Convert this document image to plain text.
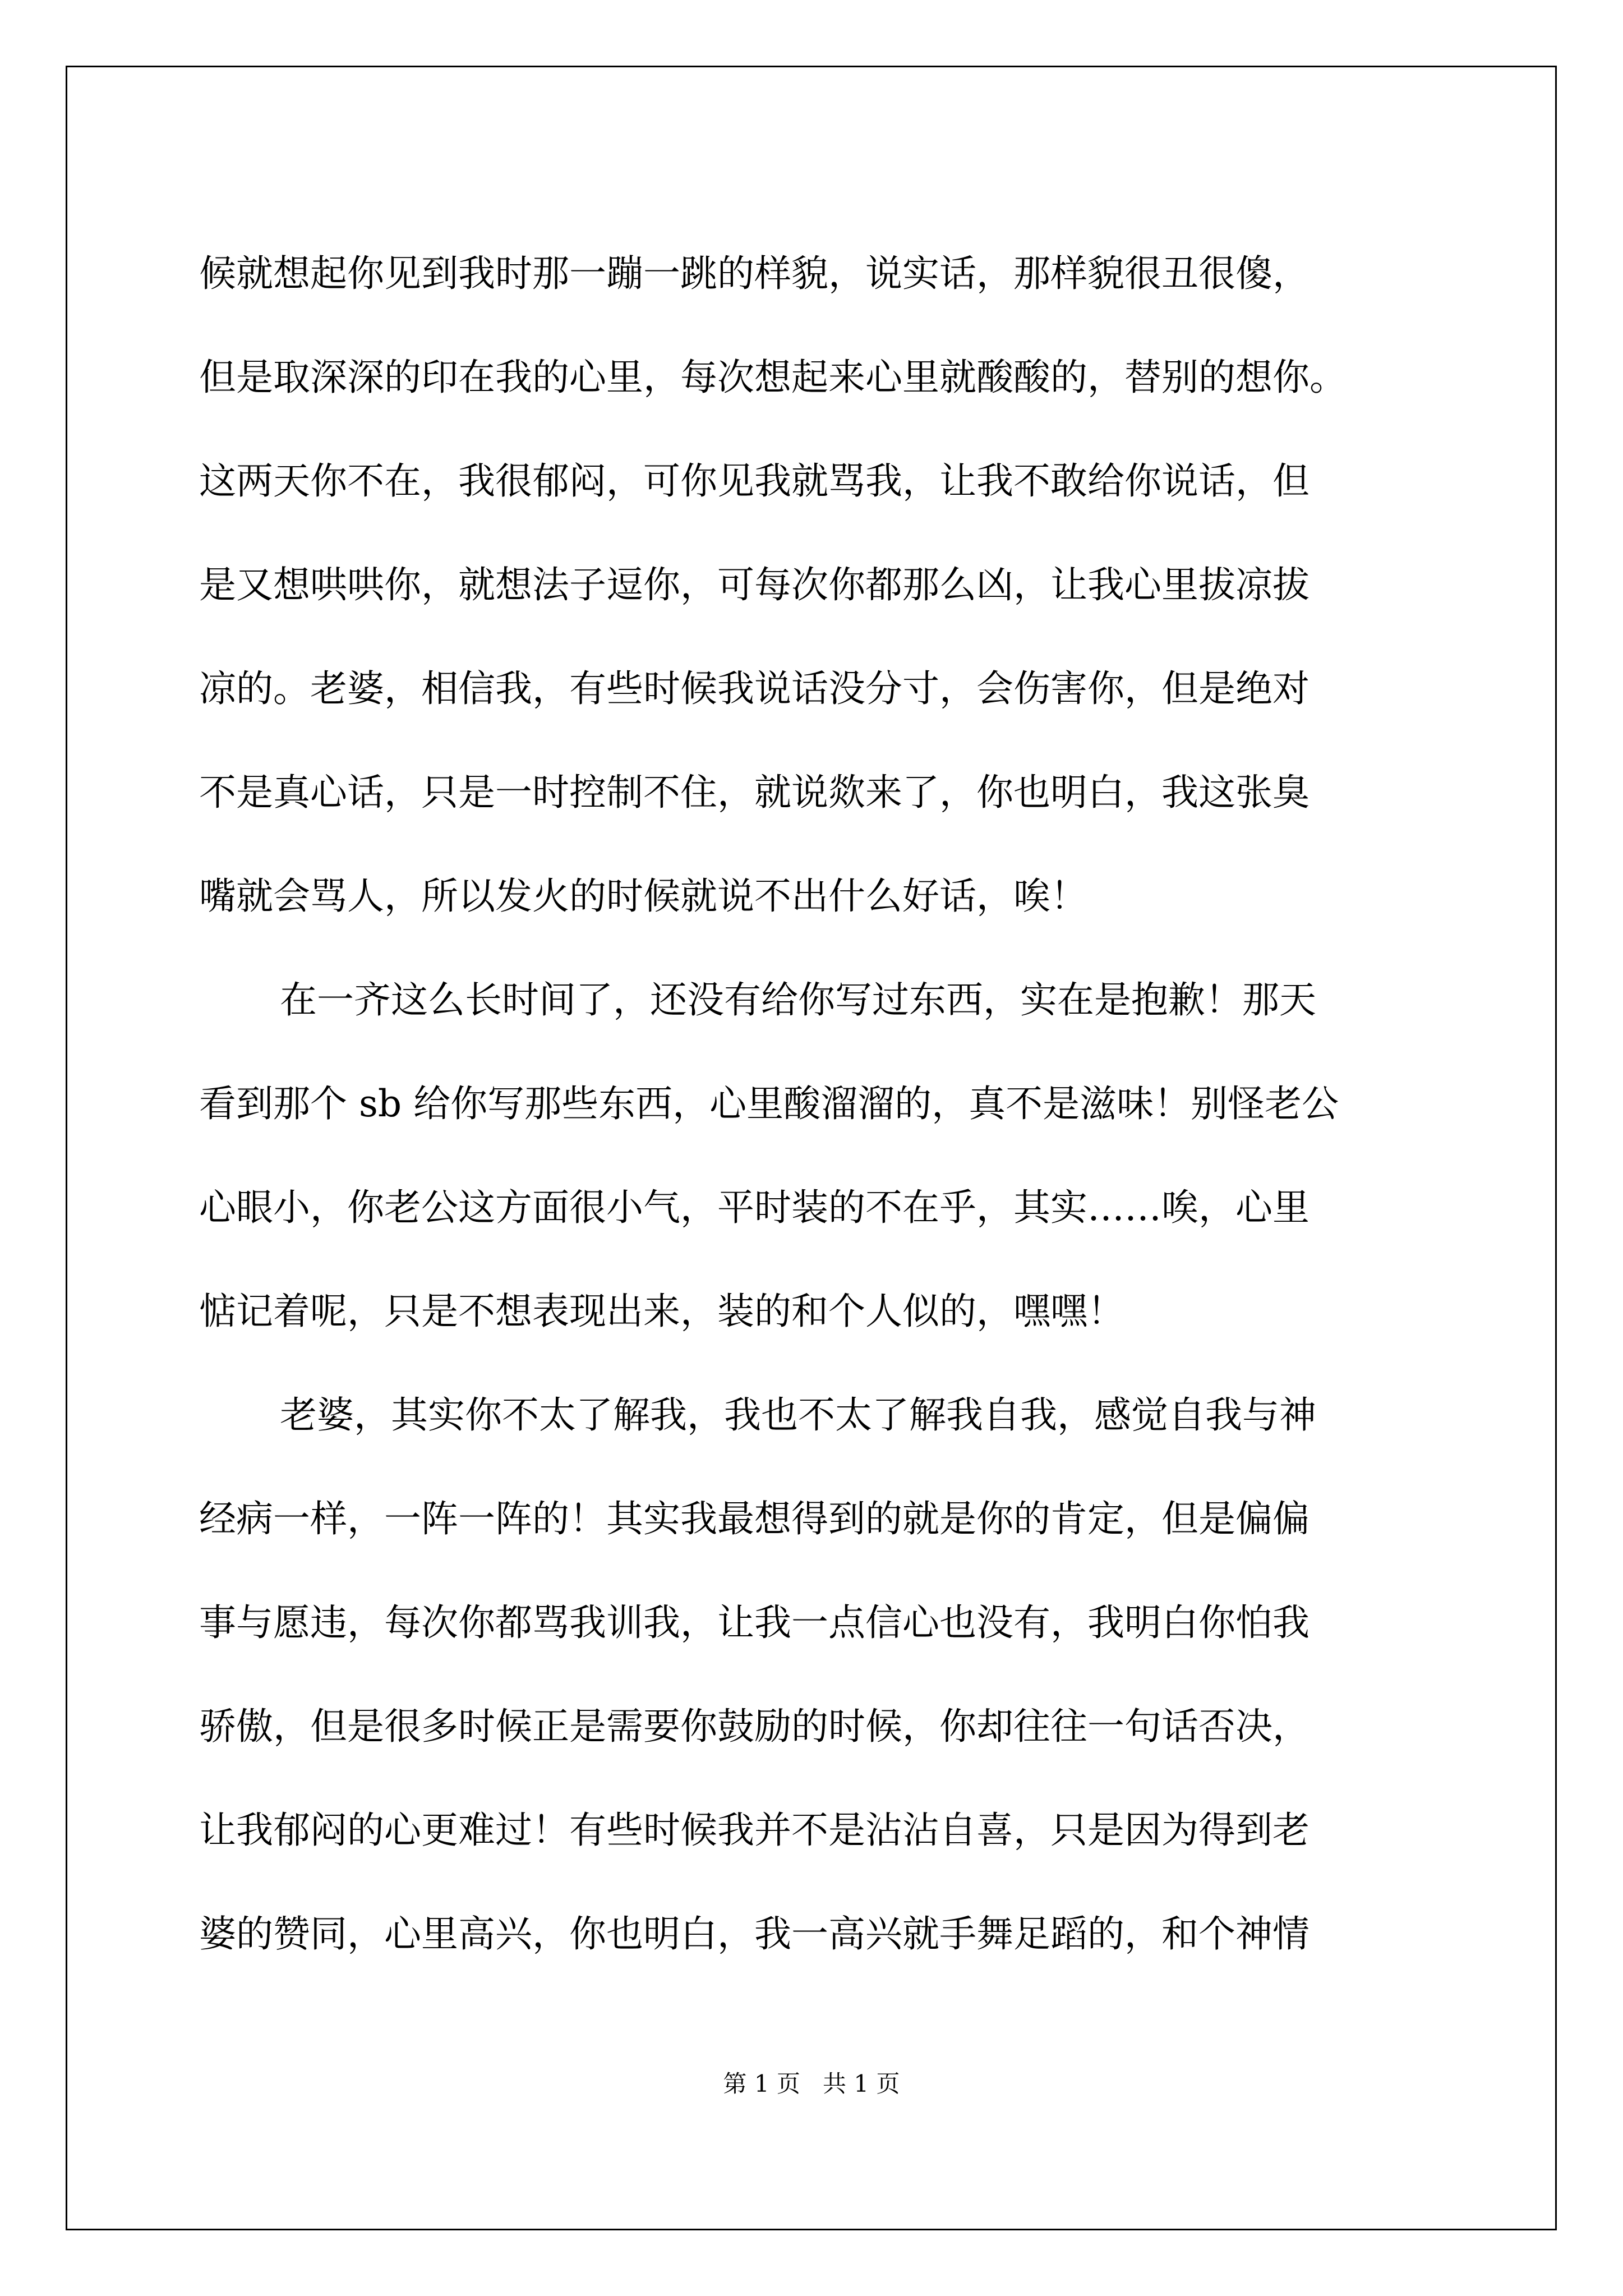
候就想起你见到我时那一蹦一跳的样貌，说实话，那样貌很丑很傻，
但是取深深的印在我的心里，每次想起来心里就酸酸的，替别的想你。
这两天你不在，我很郁闷，可你见我就骂我，让我不敢给你说话，但
是又想哄哄你，就想法子逗你，可每次你都那么凶，让我心里拔凉拔
凉的。老婆，相信我，有些时候我说话没分寸，会伤害你，但是绝对
不是真心话，只是一时控制不住，就说欻来了，你也明白，我这张臭
嘴就会骂人，所以发火的时候就说不出什么好话，唉！
在一齐这么长时间了，还没有给你写过东西，实在是抱歉！那天
看到那个 sb 给你写那些东西，心里酸溜溜的，真不是滋味！别怪老公
心眼小，你老公这方面很小气，平时装的不在乎，其实……唉，心里
惦记着呢，只是不想表现出来，装的和个人似的，嘿嘿！
老婆，其实你不太了解我，我也不太了解我自我，感觉自我与神
经病一样，一阵一阵的！其实我最想得到的就是你的肯定，但是偏偏
事与愿违，每次你都骂我训我，让我一点信心也没有，我明白你怕我
骄傲，但是很多时候正是需要你鼓励的时候，你却往往一句话否决，
让我郁闷的心更难过！有些时候我并不是沾沾自喜，只是因为得到老
婆的赞同，心里高兴，你也明白，我一高兴就手舞足蹈的，和个神情
第 1 页 共 1 页
